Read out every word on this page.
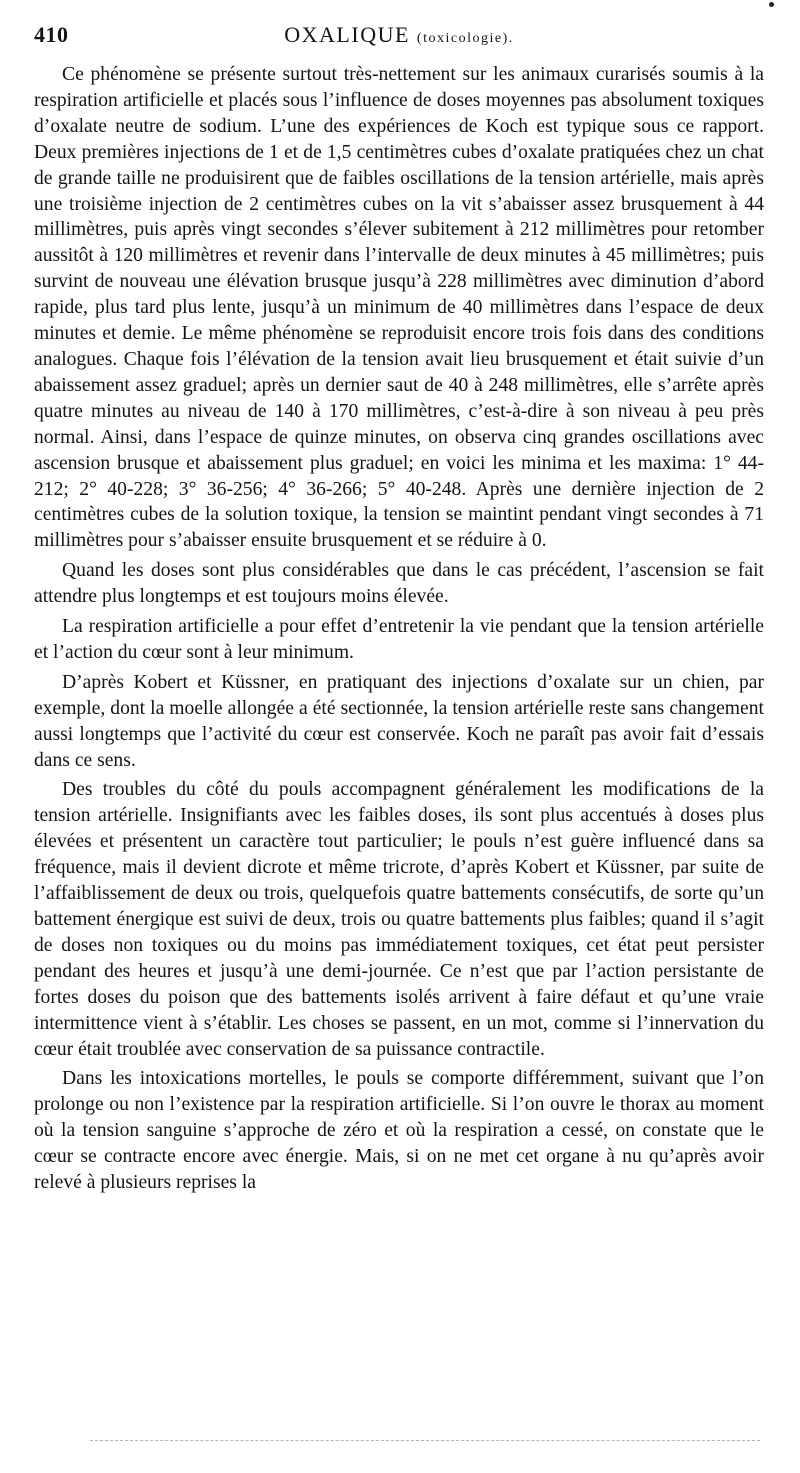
410	OXALIQUE (toxicologie).

Ce phénomène se présente surtout très-nettement sur les animaux curarisés soumis à la respiration artificielle et placés sous l’influence de doses moyennes pas absolument toxiques d’oxalate neutre de sodium. L’une des expériences de Koch est typique sous ce rapport. Deux premières injections de 1 et de 1,5 centimètres cubes d’oxalate pratiquées chez un chat de grande taille ne produisirent que de faibles oscillations de la tension artérielle, mais après une troisième injection de 2 centimètres cubes on la vit s’abaisser assez brusquement à 44 millimètres, puis après vingt secondes s’élever subitement à 212 millimètres pour retomber aussitôt à 120 millimètres et revenir dans l’intervalle de deux minutes à 45 millimètres; puis survint de nouveau une élévation brusque jusqu’à 228 millimètres avec diminution d’abord rapide, plus tard plus lente, jusqu’à un minimum de 40 millimètres dans l’espace de deux minutes et demie. Le même phénomène se reproduisit encore trois fois dans des conditions analogues. Chaque fois l’élévation de la tension avait lieu brusquement et était suivie d’un abaissement assez graduel; après un dernier saut de 40 à 248 millimètres, elle s’arrête après quatre minutes au niveau de 140 à 170 millimètres, c’est-à-dire à son niveau à peu près normal. Ainsi, dans l’espace de quinze minutes, on observa cinq grandes oscillations avec ascension brusque et abaissement plus graduel; en voici les minima et les maxima: 1° 44-212; 2° 40-228; 3° 36-256; 4° 36-266; 5° 40-248. Après une dernière injection de 2 centimètres cubes de la solution toxique, la tension se maintint pendant vingt secondes à 71 millimètres pour s’abaisser ensuite brusquement et se réduire à 0.

Quand les doses sont plus considérables que dans le cas précédent, l’ascension se fait attendre plus longtemps et est toujours moins élevée.

La respiration artificielle a pour effet d’entretenir la vie pendant que la tension artérielle et l’action du cœur sont à leur minimum.

D’après Kobert et Küssner, en pratiquant des injections d’oxalate sur un chien, par exemple, dont la moelle allongée a été sectionnée, la tension artérielle reste sans changement aussi longtemps que l’activité du cœur est conservée. Koch ne paraît pas avoir fait d’essais dans ce sens.

Des troubles du côté du pouls accompagnent généralement les modifications de la tension artérielle. Insignifiants avec les faibles doses, ils sont plus accentués à doses plus élevées et présentent un caractère tout particulier; le pouls n’est guère influencé dans sa fréquence, mais il devient dicrote et même tricrote, d’après Kobert et Küssner, par suite de l’affaiblissement de deux ou trois, quelquefois quatre battements consécutifs, de sorte qu’un battement énergique est suivi de deux, trois ou quatre battements plus faibles; quand il s’agit de doses non toxiques ou du moins pas immédiatement toxiques, cet état peut persister pendant des heures et jusqu’à une demi-journée. Ce n’est que par l’action persistante de fortes doses du poison que des battements isolés arrivent à faire défaut et qu’une vraie intermittence vient à s’établir. Les choses se passent, en un mot, comme si l’innervation du cœur était troublée avec conservation de sa puissance contractile.

Dans les intoxications mortelles, le pouls se comporte différemment, suivant que l’on prolonge ou non l’existence par la respiration artificielle. Si l’on ouvre le thorax au moment où la tension sanguine s’approche de zéro et où la respiration a cessé, on constate que le cœur se contracte encore avec énergie. Mais, si on ne met cet organe à nu qu’après avoir relevé à plusieurs reprises la
